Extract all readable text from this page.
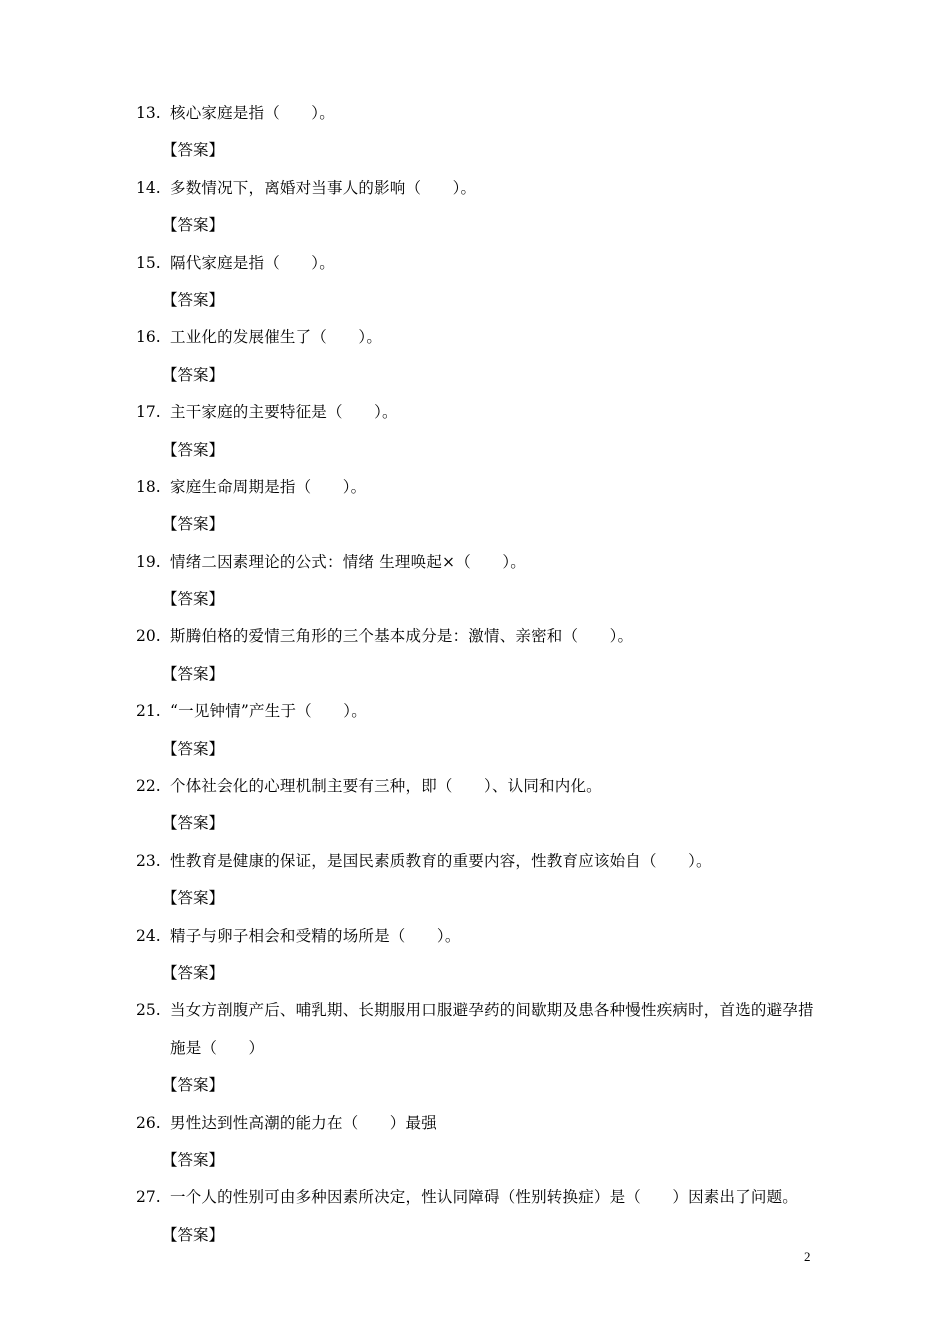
13. 核心家庭是指（　　）。
【答案】
14. 多数情况下，离婚对当事人的影响（　　）。
【答案】
15. 隔代家庭是指（　　）。
【答案】
16. 工业化的发展催生了（　　）。
【答案】
17. 主干家庭的主要特征是（　　）。
【答案】
18. 家庭生命周期是指（　　）。
【答案】
19. 情绪二因素理论的公式：情绪 生理唤起×（　　）。
【答案】
20. 斯腾伯格的爱情三角形的三个基本成分是：激情、亲密和（　　）。
【答案】
21. “一见钟情”产生于（　　）。
【答案】
22. 个体社会化的心理机制主要有三种，即（　　）、认同和内化。
【答案】
23. 性教育是健康的保证，是国民素质教育的重要内容，性教育应该始自（　　）。
【答案】
24. 精子与卵子相会和受精的场所是（　　）。
【答案】
25. 当女方剖腹产后、哺乳期、长期服用口服避孕药的间歇期及患各种慢性疾病时，首选的避孕措施是（　　）
【答案】
26. 男性达到性高潮的能力在（　　）最强
【答案】
27. 一个人的性别可由多种因素所决定，性认同障碍（性别转换症）是（　　）因素出了问题。
【答案】
2
